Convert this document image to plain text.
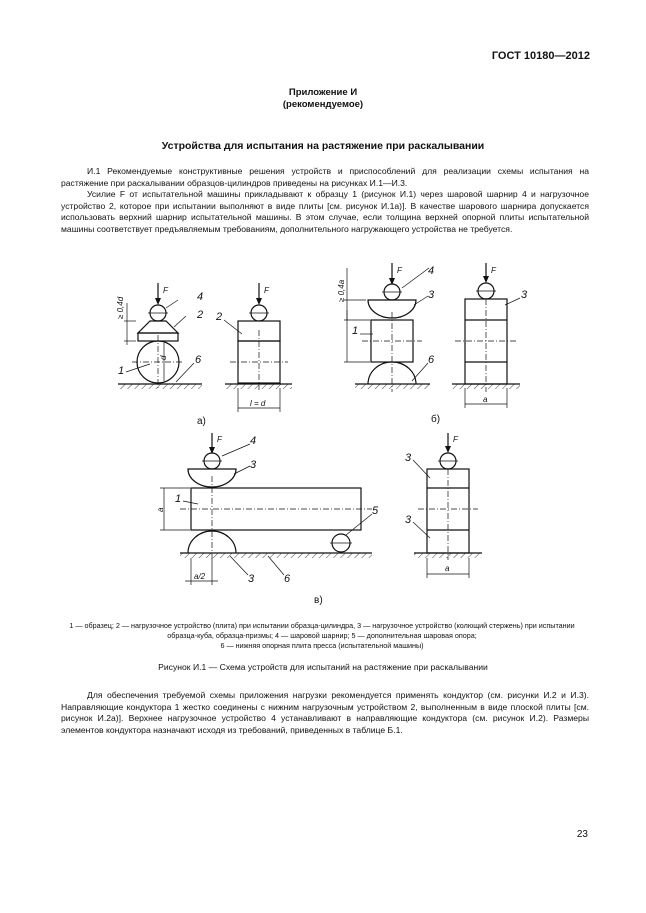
ГОСТ 10180—2012
Приложение И
(рекомендуемое)
Устройства для испытания на растяжение при раскалывании

И.1 Рекомендуемые конструктивные решения устройств и приспособлений для реализации схемы испытания на растяжение при раскалывании образцов-цилиндров приведены на рисунках И.1—И.3.

Усилие F от испытательной машины прикладывают к образцу 1 (рисунок И.1) через шаровой шарнир 4 и нагрузочное устройство 2, которое при испытании выполняют в виде плиты [см. рисунок И.1а)]. В качестве шарового шарнира допускается использовать верхний шарнир испытательной машины. В этом случае, если толщина верхней опорной плиты испытательной машины соответствует предъявляемым требованиям, дополнительного нагружающего устройства не требуется.

F
d
≥ 0,4d	4
2
1
6
F
l = d
2
а)
F
≥ 0,4a
4
3
1
6
F
a
3
б)
F
a
a/2
4
3
1
5
3	6
F
a
3
3
в)
1 — образец; 2 — нагрузочное устройство (плита) при испытании образца-цилиндра, 3 — нагрузочное устройство (колющий стержень) при испытании образца-куба, образца-призмы; 4 — шаровой шарнир; 5 — дополнительная шаровая опора;
6 — нижняя опорная плита пресса (испытательной машины)
Рисунок И.1 — Схема устройств для испытаний на растяжение при раскалывании

Для обеспечения требуемой схемы приложения нагрузки рекомендуется применять кондуктор (см. рисунки И.2 и И.3). Направляющие кондуктора 1 жестко соединены с нижним нагрузочным устройством 2, выполненным в виде плоской плиты [см. рисунок И.2а)]. Верхнее нагрузочное устройство 4 устанавливают в направляющие кондуктора (см. рисунок И.2). Размеры элементов кондуктора назначают исходя из требований, приведенных в таблице Б.1.

23
